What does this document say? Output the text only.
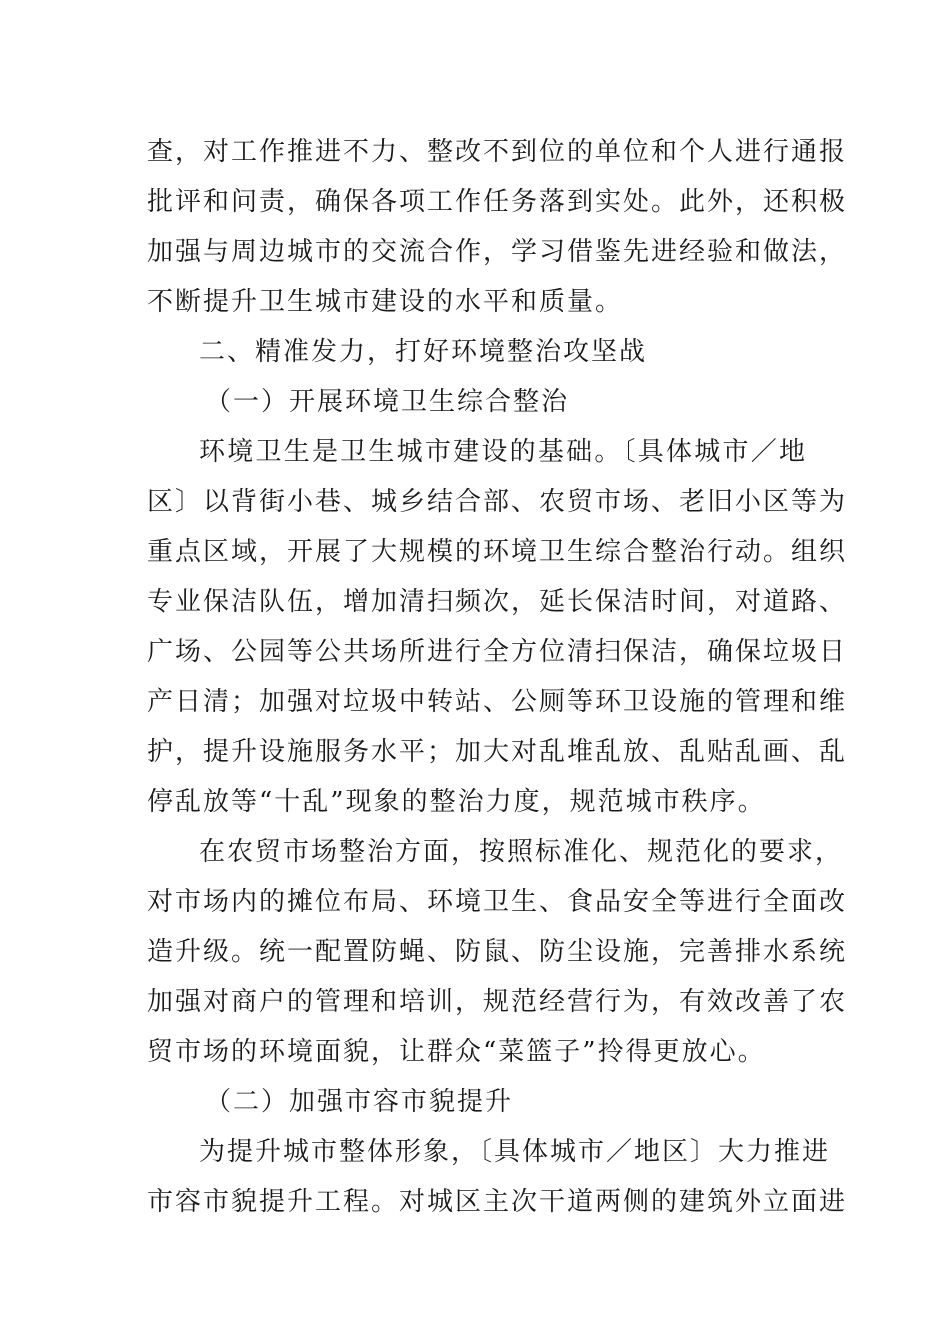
查，对工作推进不力、整改不到位的单位和个人进行通报
批评和问责，确保各项工作任务落到实处。此外，还积极
加强与周边城市的交流合作，学习借鉴先进经验和做法，
不断提升卫生城市建设的水平和质量。
二、精准发力，打好环境整治攻坚战
（一）开展环境卫生综合整治
环境卫生是卫生城市建设的基础。〔具体城市／地
区〕以背街小巷、城乡结合部、农贸市场、老旧小区等为
重点区域，开展了大规模的环境卫生综合整治行动。组织
专业保洁队伍，增加清扫频次，延长保洁时间，对道路、
广场、公园等公共场所进行全方位清扫保洁，确保垃圾日
产日清；加强对垃圾中转站、公厕等环卫设施的管理和维
护，提升设施服务水平；加大对乱堆乱放、乱贴乱画、乱
停乱放等“十乱”现象的整治力度，规范城市秩序。
在农贸市场整治方面，按照标准化、规范化的要求，
对市场内的摊位布局、环境卫生、食品安全等进行全面改
造升级。统一配置防蝇、防鼠、防尘设施，完善排水系统
加强对商户的管理和培训，规范经营行为，有效改善了农
贸市场的环境面貌，让群众“菜篮子”拎得更放心。
（二）加强市容市貌提升
为提升城市整体形象，〔具体城市／地区〕大力推进
市容市貌提升工程。对城区主次干道两侧的建筑外立面进
